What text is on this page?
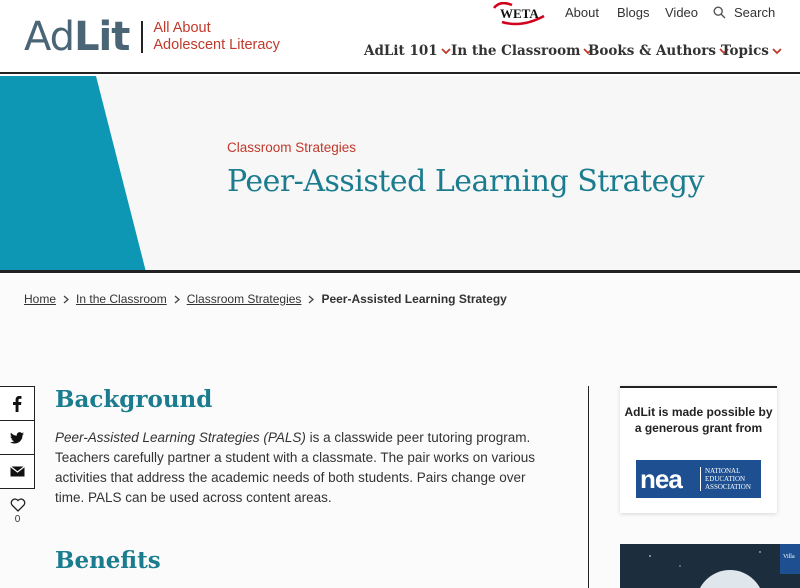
Ad Lit All About
Adolescent Literacy
WETA About Blogs Video	Search
AdLit 101 In the Classroom Books & Authors Topics
Classroom Strategies
Peer-Assisted Learning Strategy
Home In the Classroom Classroom Strategies Peer-Assisted Learning Strategy
0
Background

Peer-Assisted Learning Strategies (PALS) is a classwide peer tutoring program. Teachers carefully partner a student with a classmate. The pair works on various activities that address the academic needs of both students. Pairs change over time. PALS can be used across content areas.

Benefits
AdLit is made possible by a generous grant from
nea	NATIONAL
EDUCATION
ASSOCIATION
Villa
